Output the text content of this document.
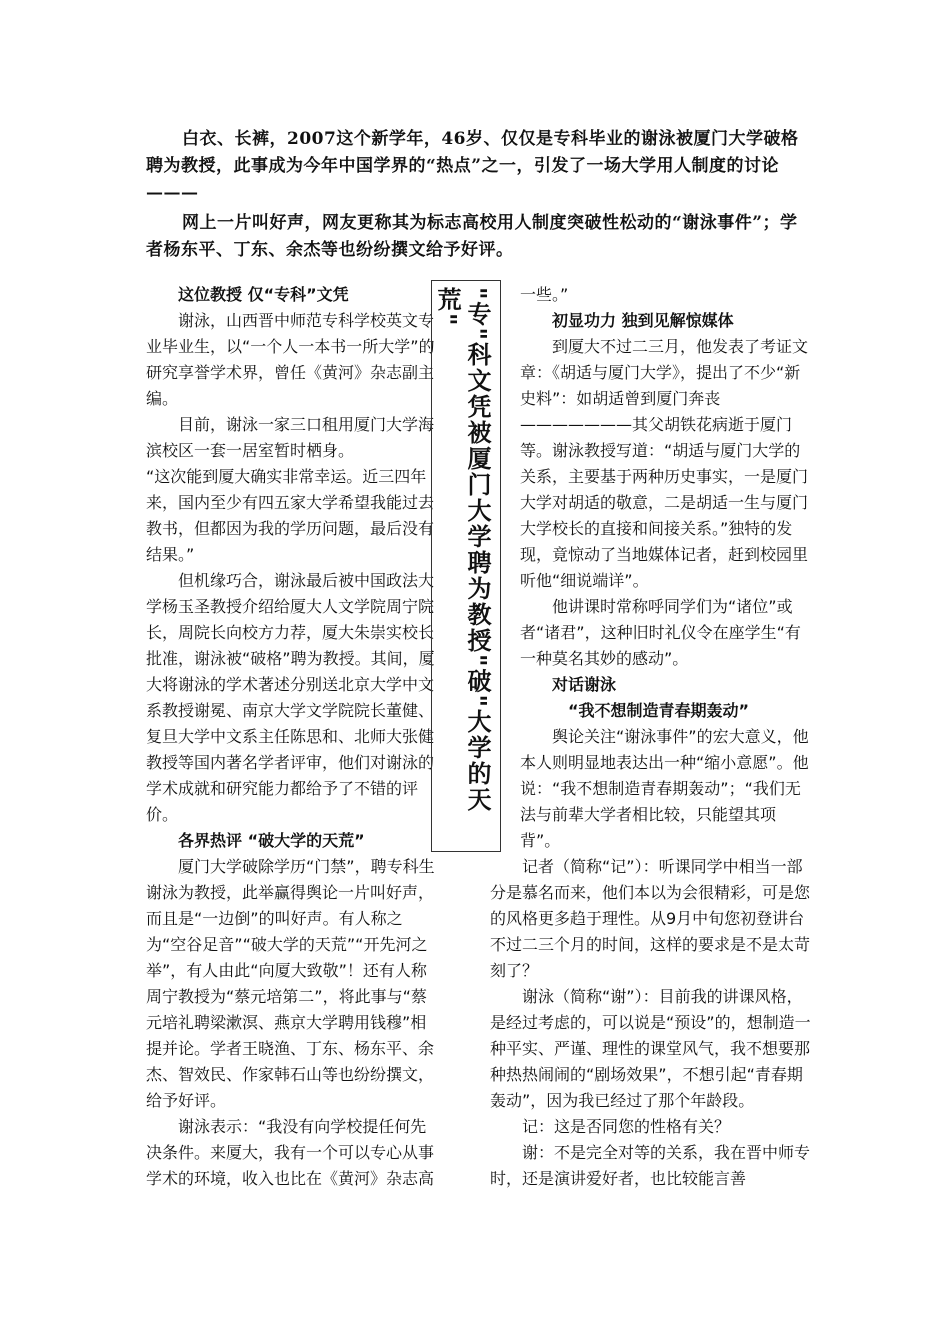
白衣、长裤，2007这个新学年，46岁、仅仅是专科毕业的谢泳被厦门大学破格聘为教授，此事成为今年中国学界的“热点”之一，引发了一场大学用人制度的讨论———

网上一片叫好声，网友更称其为标志高校用人制度突破性松动的“谢泳事件”；学者杨东平、丁东、余杰等也纷纷撰文给予好评。

这位教授 仅“专科”文凭

谢泳，山西晋中师范专科学校英文专业毕业生，以“一个人一本书一所大学”的研究享誉学术界，曾任《黄河》杂志副主编。

目前，谢泳一家三口租用厦门大学海滨校区一套一居室暂时栖身。

“这次能到厦大确实非常幸运。近三四年来，国内至少有四五家大学希望我能过去教书，但都因为我的学历问题，最后没有结果。”

但机缘巧合，谢泳最后被中国政法大学杨玉圣教授介绍给厦大人文学院周宁院长，周院长向校方力荐，厦大朱崇实校长批准，谢泳被“破格”聘为教授。其间，厦大将谢泳的学术著述分别送北京大学中文系教授谢冕、南京大学文学院院长董健、复旦大学中文系主任陈思和、北师大张健教授等国内著名学者评审，他们对谢泳的学术成就和研究能力都给予了不错的评价。

各界热评 “破大学的天荒”

厦门大学破除学历“门禁”，聘专科生谢泳为教授，此举赢得舆论一片叫好声，而且是“一边倒”的叫好声。有人称之为“空谷足音”“破大学的天荒”“开先河之举”，有人由此“向厦大致敬”！还有人称周宁教授为“蔡元培第二”，将此事与“蔡元培礼聘梁漱溟、燕京大学聘用钱穆”相提并论。学者王晓渔、丁东、杨东平、余杰、智效民、作家韩石山等也纷纷撰文，给予好评。

谢泳表示：“我没有向学校提任何先决条件。来厦大，我有一个可以专心从事学术的环境，收入也比在《黄河》杂志高

"专"科文凭被厦门大学聘为教授"破"大学的天荒"	一些。”

初显功力 独到见解惊媒体

到厦大不过二三月，他发表了考证文章：《胡适与厦门大学》，提出了不少“新史料”：如胡适曾到厦门奔丧———————其父胡铁花病逝于厦门等。谢泳教授写道：“胡适与厦门大学的关系，主要基于两种历史事实，一是厦门大学对胡适的敬意，二是胡适一生与厦门大学校长的直接和间接关系。”独特的发现，竟惊动了当地媒体记者，赶到校园里听他“细说端详”。

他讲课时常称呼同学们为“诸位”或者“诸君”，这种旧时礼仪令在座学生“有一种莫名其妙的感动”。

对话谢泳
“我不想制造青春期轰动”

舆论关注“谢泳事件”的宏大意义，他本人则明显地表达出一种“缩小意愿”。他说：“我不想制造青春期轰动”；“我们无法与前辈大学者相比较，只能望其项背”。

记者（简称“记”）：听课同学中相当一部分是慕名而来，他们本以为会很精彩，可是您的风格更多趋于理性。从9月中旬您初登讲台不过二三个月的时间，这样的要求是不是太苛刻了？

谢泳（简称“谢”）：目前我的讲课风格，是经过考虑的，可以说是“预设”的，想制造一种平实、严谨、理性的课堂风气，我不想要那种热热闹闹的“剧场效果”，不想引起“青春期轰动”，因为我已经过了那个年龄段。

记：这是否同您的性格有关？

谢：不是完全对等的关系，我在晋中师专时，还是演讲爱好者，也比较能言善
